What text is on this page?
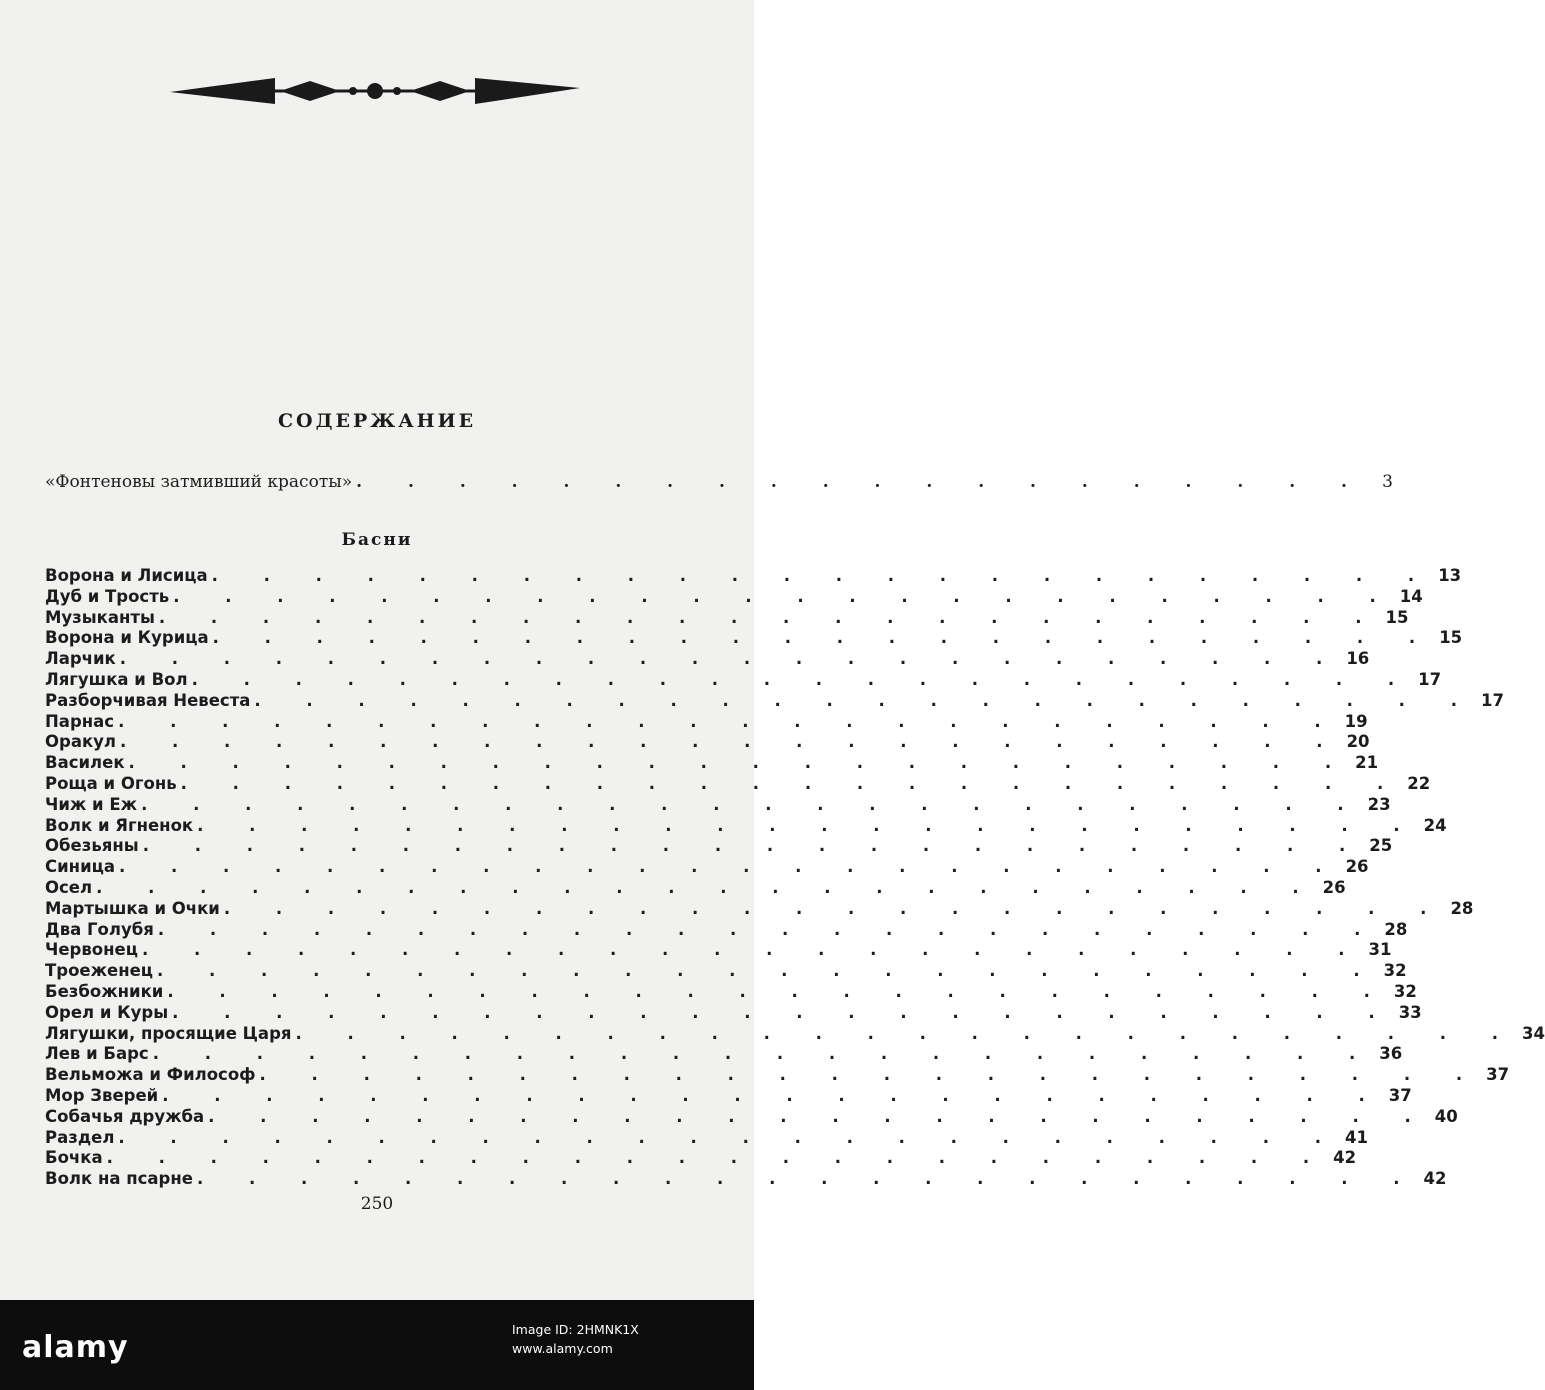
СОДЕРЖАНИЕ
«Фонтеновы затмивший красоты» . . . . . . . . . . . . . . . . . . . . 3
Басни
Ворона и Лисица . . . . . . . . . . . . . . . . . . . . . . . . 13
Дуб и Трость . . . . . . . . . . . . . . . . . . . . . . . . 14
Музыканты . . . . . . . . . . . . . . . . . . . . . . . . 15
Ворона и Курица . . . . . . . . . . . . . . . . . . . . . . . . 15
Ларчик . . . . . . . . . . . . . . . . . . . . . . . . 16
Лягушка и Вол . . . . . . . . . . . . . . . . . . . . . . . . 17
Разборчивая Невеста . . . . . . . . . . . . . . . . . . . . . . . . 17
Парнас . . . . . . . . . . . . . . . . . . . . . . . . 19
Оракул . . . . . . . . . . . . . . . . . . . . . . . . 20
Василек . . . . . . . . . . . . . . . . . . . . . . . . 21
Роща и Огонь . . . . . . . . . . . . . . . . . . . . . . . . 22
Чиж и Еж . . . . . . . . . . . . . . . . . . . . . . . . 23
Волк и Ягненок . . . . . . . . . . . . . . . . . . . . . . . . 24
Обезьяны . . . . . . . . . . . . . . . . . . . . . . . . 25
Синица . . . . . . . . . . . . . . . . . . . . . . . . 26
Осел . . . . . . . . . . . . . . . . . . . . . . . . 26
Мартышка и Очки . . . . . . . . . . . . . . . . . . . . . . . . 28
Два Голубя . . . . . . . . . . . . . . . . . . . . . . . . 28
Червонец . . . . . . . . . . . . . . . . . . . . . . . . 31
Троеженец . . . . . . . . . . . . . . . . . . . . . . . . 32
Безбожники . . . . . . . . . . . . . . . . . . . . . . . . 32
Орел и Куры . . . . . . . . . . . . . . . . . . . . . . . . 33
Лягушки, просящие Царя . . . . . . . . . . . . . . . . . . . . . . . . 34
Лев и Барс . . . . . . . . . . . . . . . . . . . . . . . . 36
Вельможа и Философ . . . . . . . . . . . . . . . . . . . . . . . . 37
Мор Зверей . . . . . . . . . . . . . . . . . . . . . . . . 37
Собачья дружба . . . . . . . . . . . . . . . . . . . . . . . . 40
Раздел . . . . . . . . . . . . . . . . . . . . . . . . 41
Бочка . . . . . . . . . . . . . . . . . . . . . . . . 42
Волк на псарне . . . . . . . . . . . . . . . . . . . . . . . . 42
250
alamy
Image ID: 2HMNK1X
www.alamy.com
